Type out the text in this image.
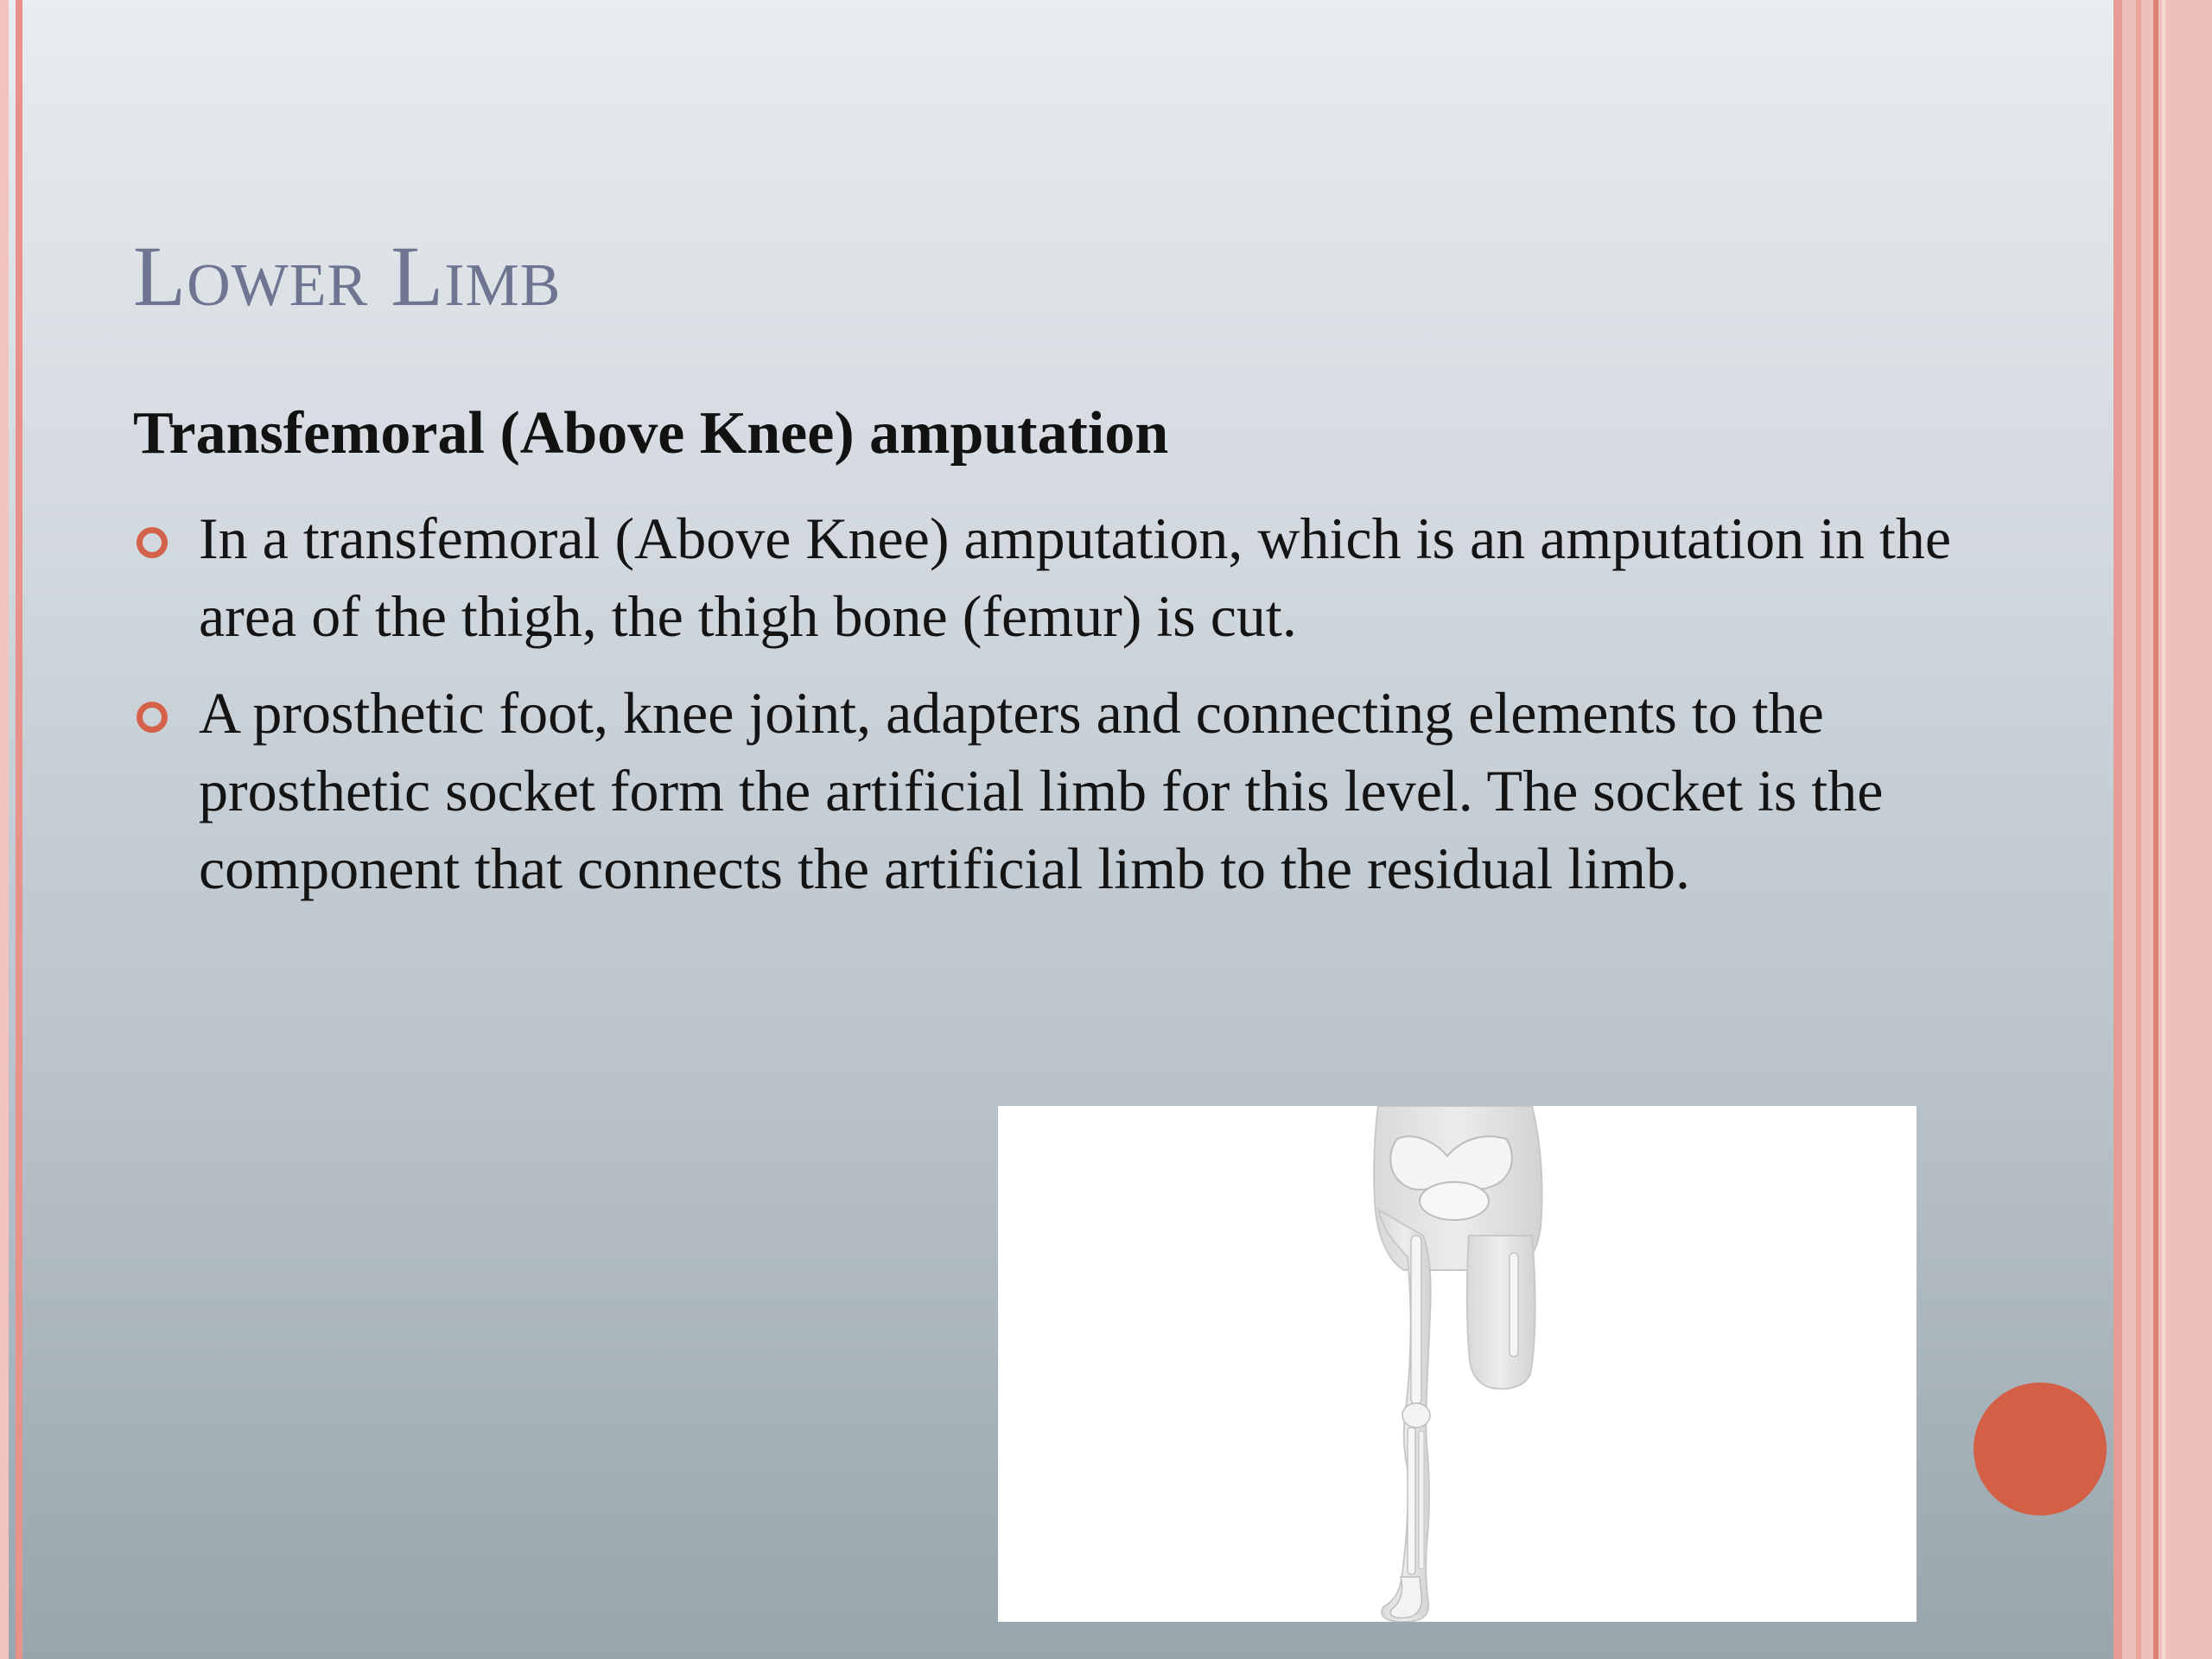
Lower Limb
Transfemoral (Above Knee) amputation
In a transfemoral (Above Knee) amputation, which is an amputation in the area of the thigh, the thigh bone (femur) is cut.
A prosthetic foot, knee joint, adapters and connecting elements to the prosthetic socket form the artificial limb for this level. The socket is the component that connects the artificial limb to the residual limb.
